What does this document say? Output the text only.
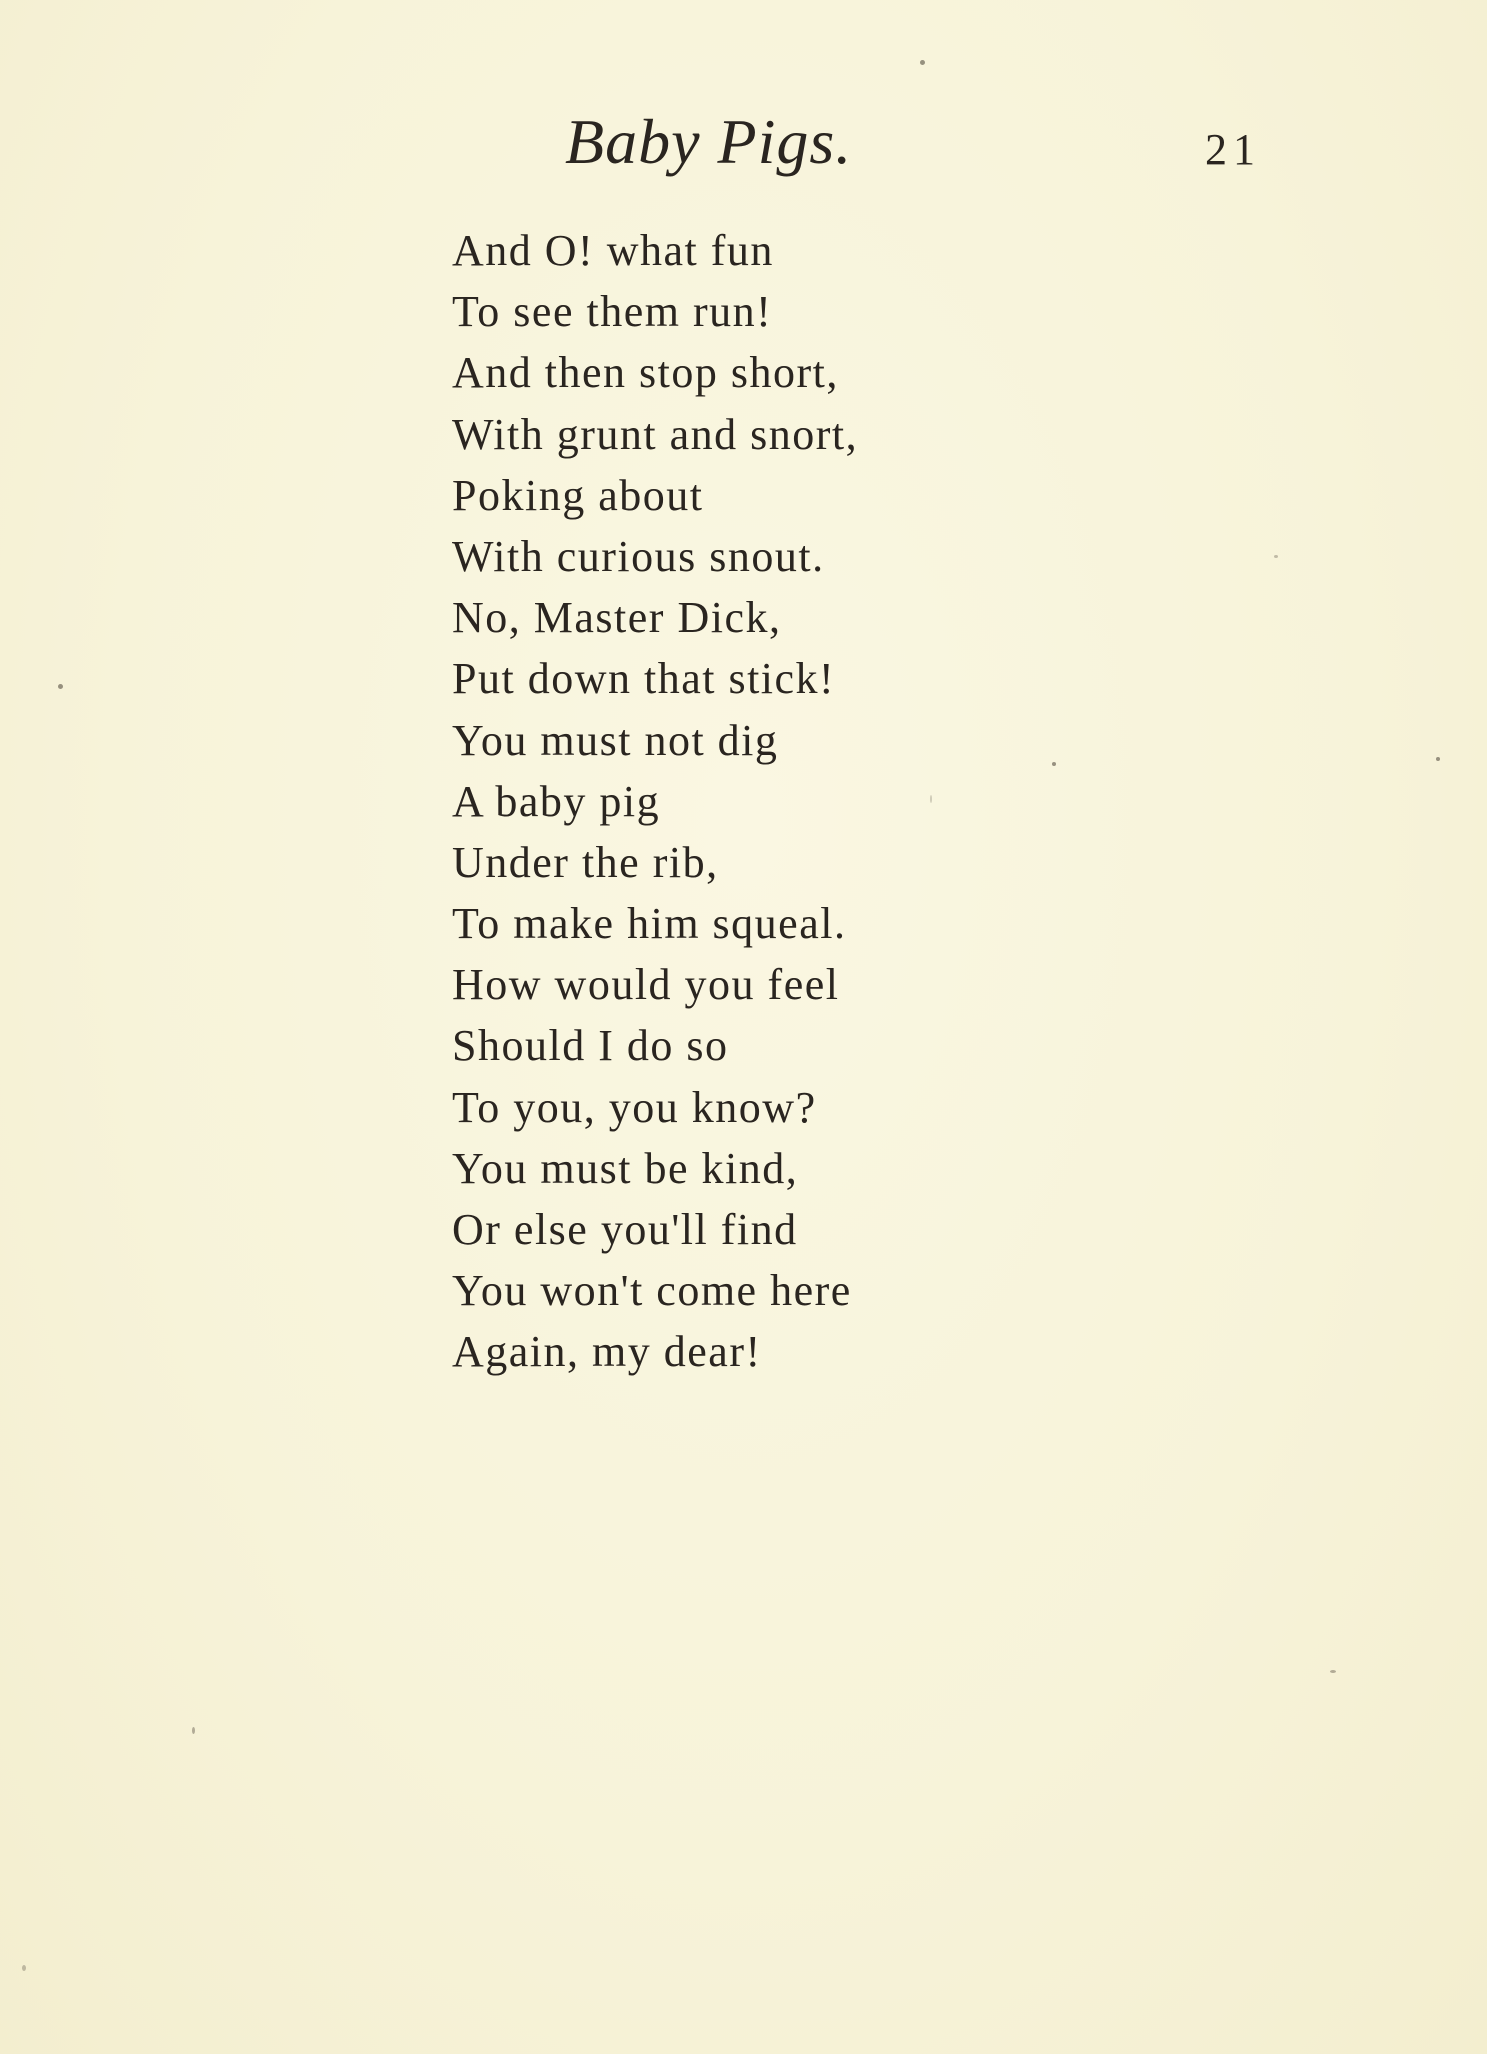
Baby Pigs.	21
And O! what fun
To see them run!
And then stop short,
With grunt and snort,
Poking about
With curious snout.
No, Master Dick,
Put down that stick!
You must not dig
A baby pig
Under the rib,
To make him squeal.
How would you feel
Should I do so
To you, you know?
You must be kind,
Or else you'll find
You won't come here
Again, my dear!
